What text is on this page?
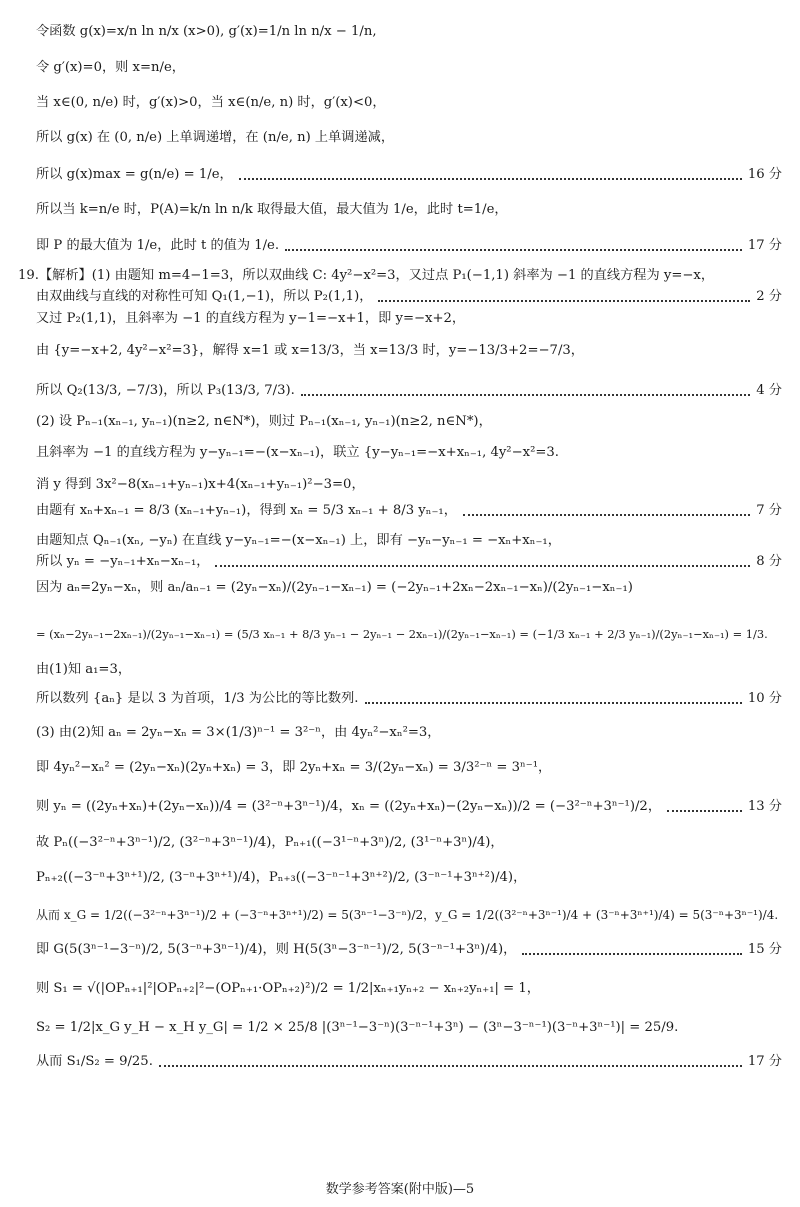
令函数 g(x)=x/n ln n/x (x>0), g′(x)=1/n ln n/x − 1/n,
令 g′(x)=0，则 x=n/e，
当 x∈(0, n/e) 时，g′(x)>0，当 x∈(n/e, n) 时，g′(x)<0，
所以 g(x) 在 (0, n/e) 上单调递增，在 (n/e, n) 上单调递减，
所以 g(x)max = g(n/e) = 1/e，	16 分
所以当 k=n/e 时，P(A)=k/n ln n/k 取得最大值，最大值为 1/e，此时 t=1/e，
即 P 的最大值为 1/e，此时 t 的值为 1/e.	17 分
19.【解析】(1) 由题知 m=4−1=3，所以双曲线 C: 4y²−x²=3，又过点 P₁(−1,1) 斜率为 −1 的直线方程为 y=−x，
由双曲线与直线的对称性可知 Q₁(1,−1)，所以 P₂(1,1)，	2 分
又过 P₂(1,1)，且斜率为 −1 的直线方程为 y−1=−x+1，即 y=−x+2，
由 {y=−x+2, 4y²−x²=3}，解得 x=1 或 x=13/3，当 x=13/3 时，y=−13/3+2=−7/3，
所以 Q₂(13/3, −7/3)，所以 P₃(13/3, 7/3).	4 分
(2) 设 Pₙ₋₁(xₙ₋₁, yₙ₋₁)(n≥2, n∈N*)，则过 Pₙ₋₁(xₙ₋₁, yₙ₋₁)(n≥2, n∈N*)，
且斜率为 −1 的直线方程为 y−yₙ₋₁=−(x−xₙ₋₁)，联立 {y−yₙ₋₁=−x+xₙ₋₁, 4y²−x²=3.
消 y 得到 3x²−8(xₙ₋₁+yₙ₋₁)x+4(xₙ₋₁+yₙ₋₁)²−3=0，
由题有 xₙ+xₙ₋₁ = 8/3 (xₙ₋₁+yₙ₋₁)，得到 xₙ = 5/3 xₙ₋₁ + 8/3 yₙ₋₁，	7 分
由题知点 Qₙ₋₁(xₙ, −yₙ) 在直线 y−yₙ₋₁=−(x−xₙ₋₁) 上，即有 −yₙ−yₙ₋₁ = −xₙ+xₙ₋₁，
所以 yₙ = −yₙ₋₁+xₙ−xₙ₋₁，	8 分
因为 aₙ=2yₙ−xₙ，则 aₙ/aₙ₋₁ = (2yₙ−xₙ)/(2yₙ₋₁−xₙ₋₁) = (−2yₙ₋₁+2xₙ−2xₙ₋₁−xₙ)/(2yₙ₋₁−xₙ₋₁)
= (xₙ−2yₙ₋₁−2xₙ₋₁)/(2yₙ₋₁−xₙ₋₁) = (5/3 xₙ₋₁ + 8/3 yₙ₋₁ − 2yₙ₋₁ − 2xₙ₋₁)/(2yₙ₋₁−xₙ₋₁) = (−1/3 xₙ₋₁ + 2/3 yₙ₋₁)/(2yₙ₋₁−xₙ₋₁) = 1/3.
由(1)知 a₁=3，
所以数列 {aₙ} 是以 3 为首项，1/3 为公比的等比数列.	10 分
(3) 由(2)知 aₙ = 2yₙ−xₙ = 3×(1/3)ⁿ⁻¹ = 3²⁻ⁿ，由 4yₙ²−xₙ²=3，
即 4yₙ²−xₙ² = (2yₙ−xₙ)(2yₙ+xₙ) = 3，即 2yₙ+xₙ = 3/(2yₙ−xₙ) = 3/3²⁻ⁿ = 3ⁿ⁻¹，
则 yₙ = ((2yₙ+xₙ)+(2yₙ−xₙ))/4 = (3²⁻ⁿ+3ⁿ⁻¹)/4，xₙ = ((2yₙ+xₙ)−(2yₙ−xₙ))/2 = (−3²⁻ⁿ+3ⁿ⁻¹)/2，	13 分
故 Pₙ((−3²⁻ⁿ+3ⁿ⁻¹)/2, (3²⁻ⁿ+3ⁿ⁻¹)/4)，Pₙ₊₁((−3¹⁻ⁿ+3ⁿ)/2, (3¹⁻ⁿ+3ⁿ)/4)，
Pₙ₊₂((−3⁻ⁿ+3ⁿ⁺¹)/2, (3⁻ⁿ+3ⁿ⁺¹)/4)，Pₙ₊₃((−3⁻ⁿ⁻¹+3ⁿ⁺²)/2, (3⁻ⁿ⁻¹+3ⁿ⁺²)/4)，
从而 x_G = 1/2((−3²⁻ⁿ+3ⁿ⁻¹)/2 + (−3⁻ⁿ+3ⁿ⁺¹)/2) = 5(3ⁿ⁻¹−3⁻ⁿ)/2，y_G = 1/2((3²⁻ⁿ+3ⁿ⁻¹)/4 + (3⁻ⁿ+3ⁿ⁺¹)/4) = 5(3⁻ⁿ+3ⁿ⁻¹)/4.
即 G(5(3ⁿ⁻¹−3⁻ⁿ)/2, 5(3⁻ⁿ+3ⁿ⁻¹)/4)，则 H(5(3ⁿ−3⁻ⁿ⁻¹)/2, 5(3⁻ⁿ⁻¹+3ⁿ)/4)，	15 分
则 S₁ = √(|OPₙ₊₁|²|OPₙ₊₂|²−(OPₙ₊₁·OPₙ₊₂)²)/2 = 1/2|xₙ₊₁yₙ₊₂ − xₙ₊₂yₙ₊₁| = 1，
S₂ = 1/2|x_G y_H − x_H y_G| = 1/2 × 25/8 |(3ⁿ⁻¹−3⁻ⁿ)(3⁻ⁿ⁻¹+3ⁿ) − (3ⁿ−3⁻ⁿ⁻¹)(3⁻ⁿ+3ⁿ⁻¹)| = 25/9.
从而 S₁/S₂ = 9/25.	17 分
数学参考答案(附中版)—5
